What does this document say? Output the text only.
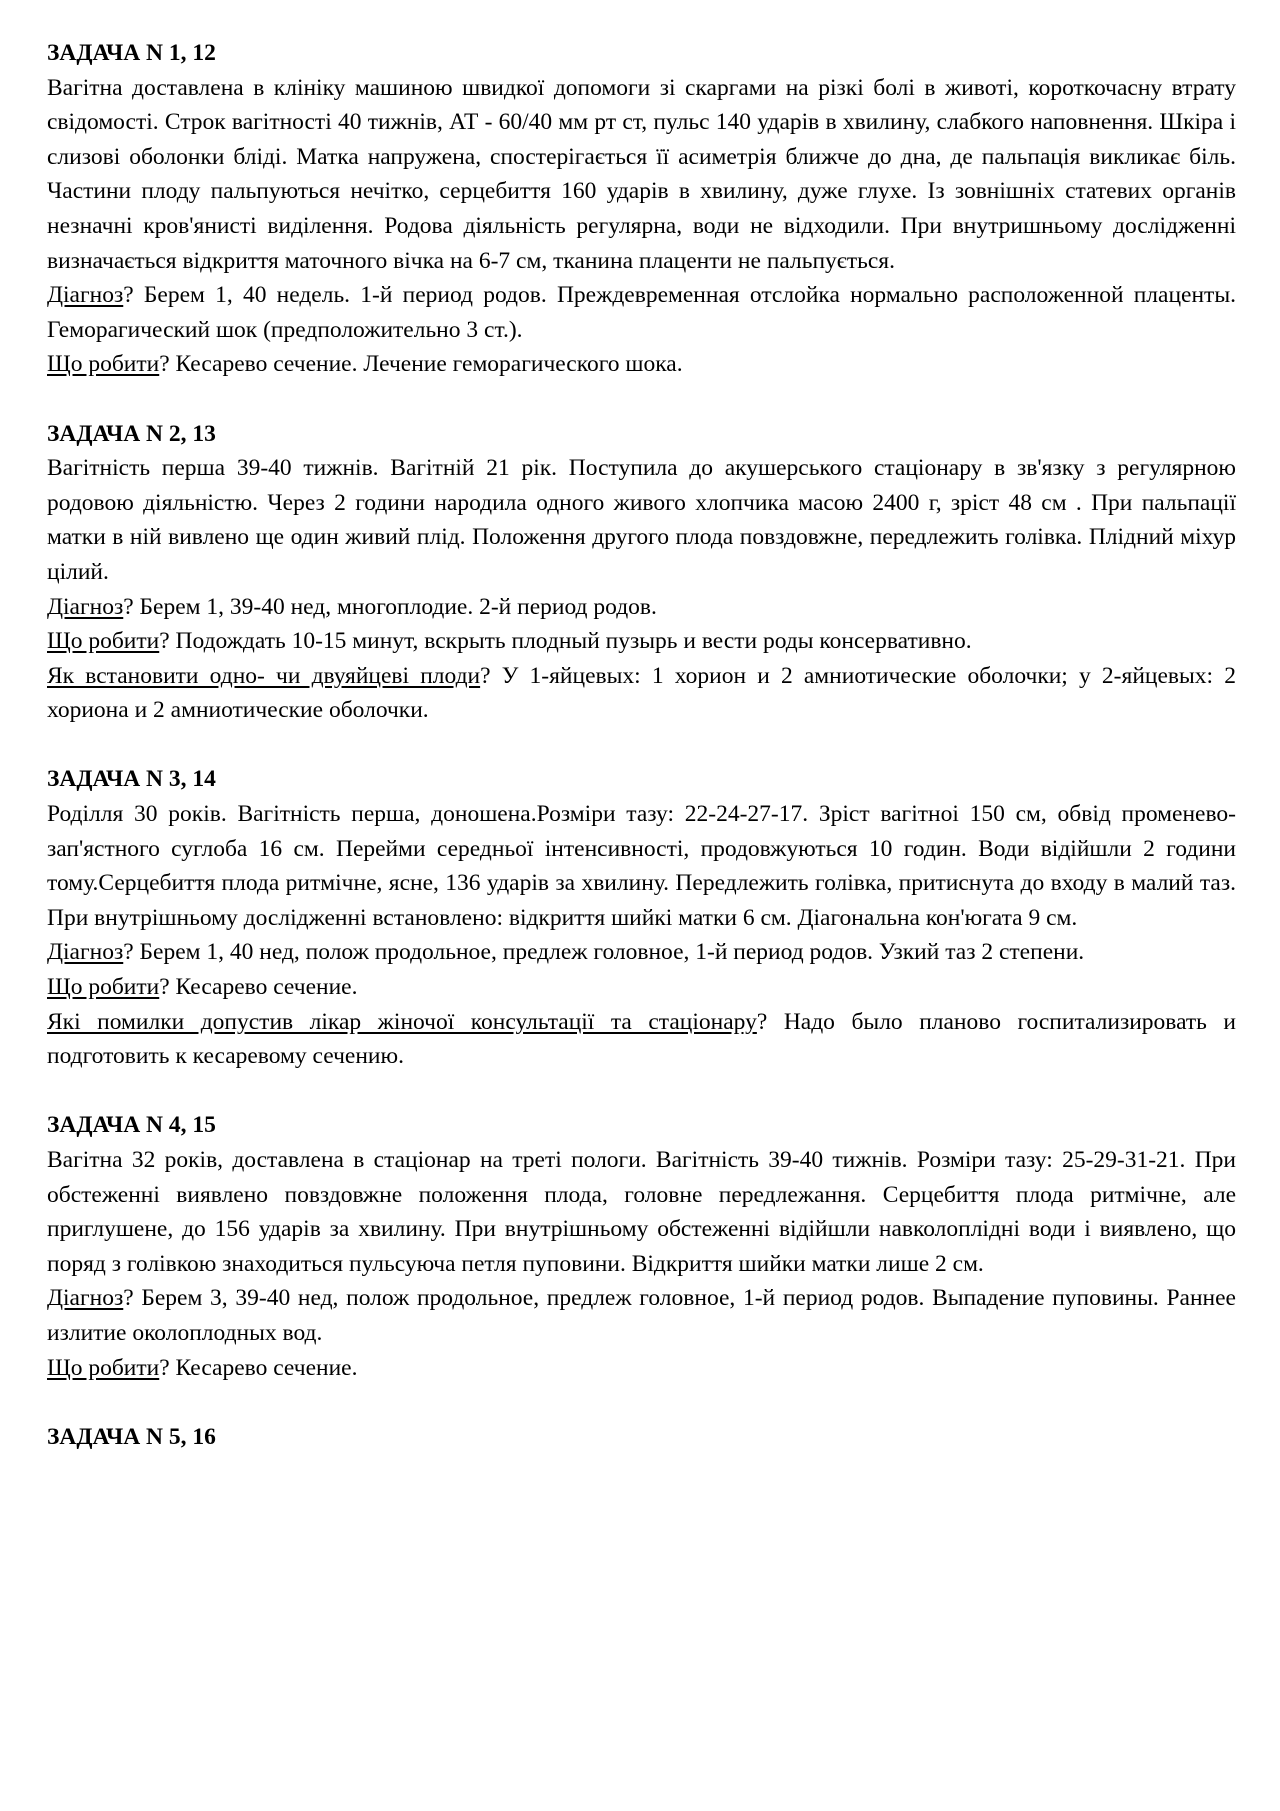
ЗАДАЧА N 1, 12

Вагітна доставлена в клініку машиною швидкої допомоги зі скаргами на різкі болі в животі, короткочасну втрату свідомості. Строк вагітності 40 тижнів, АТ - 60/40 мм рт ст, пульс 140 ударів в хвилину, слабкого наповнення. Шкіра і слизові оболонки бліді. Матка напружена, спостерігається її асиметрія ближче до дна, де пальпація викликає біль. Частини плоду пальпуються нечітко, серцебиття 160 ударів в хвилину, дуже глухе. Із зовнішніх статевих органів незначні кров'янисті виділення. Родова діяльність регулярна, води не відходили. При внутришньому дослідженні визначається відкриття маточного вічка на 6-7 см, тканина плаценти не пальпується.

Діагноз? Берем 1, 40 недель. 1-й период родов. Преждевременная отслойка нормально расположенной плаценты. Геморагический шок (предположительно 3 ст.).

Що робити? Кесарево сечение. Лечение геморагического шока.

ЗАДАЧА N 2, 13

Вагітність перша 39-40 тижнів. Вагітній 21 рік. Поступила до акушерського стаціонару в зв'язку з регулярною родовою діяльністю. Через 2 години народила одного живого хлопчика масою 2400 г, зріст 48 см . При пальпації матки в ній вивлено ще один живий плід. Положення другого плода повздовжне, передлежить голівка. Плідний міхур цілий.

Діагноз? Берем 1, 39-40 нед, многоплодие. 2-й период родов.

Що робити? Подождать 10-15 минут, вскрыть плодный пузырь и вести роды консервативно.

Як встановити одно- чи двуяйцеві плоди? У 1-яйцевых: 1 хорион и 2 амниотические оболочки; у 2-яйцевых: 2 хориона и 2 амниотические оболочки.

ЗАДАЧА N 3, 14

Роділля 30 років. Вагітність перша, доношена.Розміри тазу: 22-24-27-17. Зріст вагітноі 150 см, обвід променево-зап'ястного суглоба 16 см. Перейми середньої інтенсивності, продовжуються 10 годин. Води відійшли 2 години тому.Серцебиття плода ритмічне, ясне, 136 ударів за хвилину. Передлежить голівка, притиснута до входу в малий таз. При внутрішньому дослідженні встановлено: відкриття шийкі матки 6 см. Діагональна кон'югата 9 см.

Діагноз? Берем 1, 40 нед, полож продольное, предлеж головное, 1-й период родов. Узкий таз 2 степени.

Що робити? Кесарево сечение.

Які помилки допустив лікар жіночої консультації та стаціонару? Надо было планово госпитализировать и подготовить к кесаревому сечению.

ЗАДАЧА N 4, 15

Вагітна 32 років, доставлена в стаціонар на треті пологи. Вагітність 39-40 тижнів. Розміри тазу: 25-29-31-21. При обстеженні виявлено повздовжне положення плода, головне передлежання. Серцебиття плода ритмічне, але приглушене, до 156 ударів за хвилину. При внутрішньому обстеженні відійшли навколоплідні води і виявлено, що поряд з голівкою знаходиться пульсуюча петля пуповини. Відкриття шийки матки лише 2 см.

Діагноз? Берем 3, 39-40 нед, полож продольное, предлеж головное, 1-й период родов. Выпадение пуповины. Раннее излитие околоплодных вод.

Що робити? Кесарево сечение.

ЗАДАЧА N 5, 16
